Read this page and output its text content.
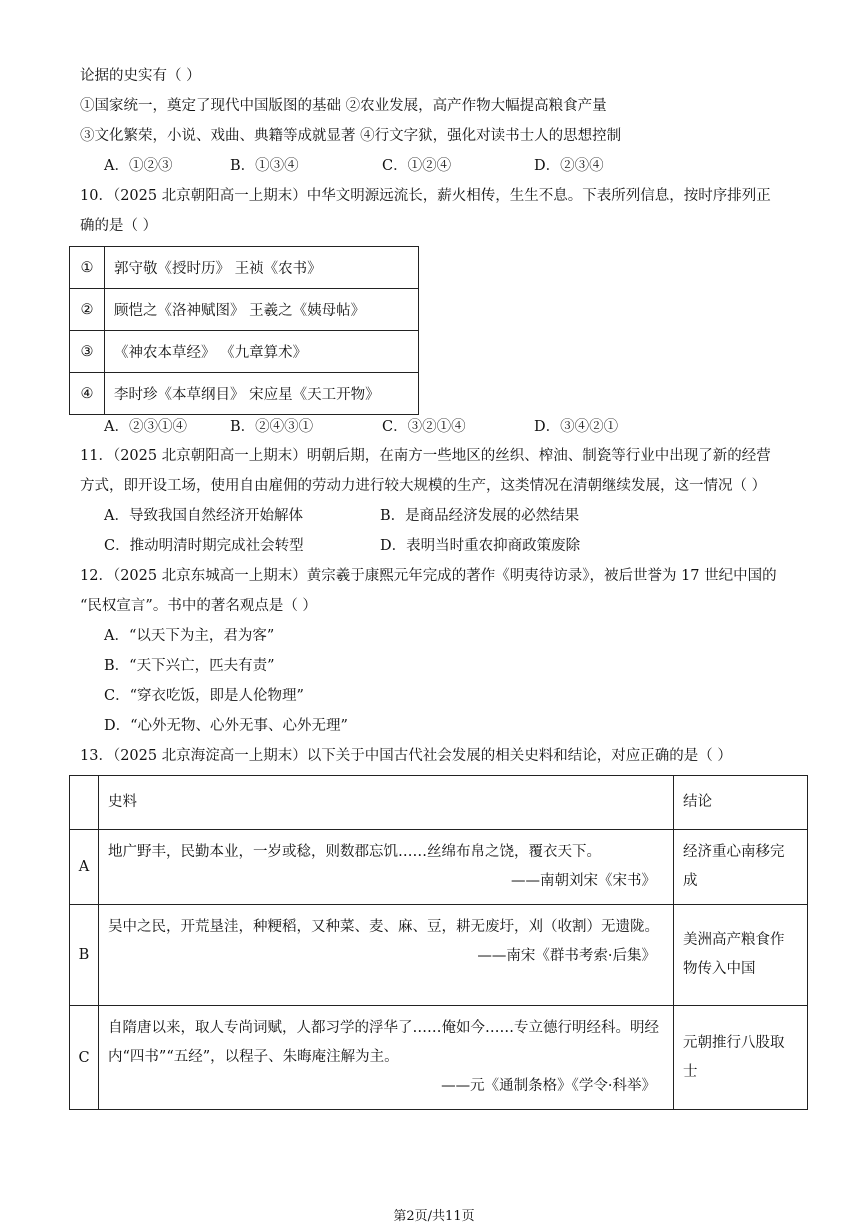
论据的史实有（ ）
①国家统一，奠定了现代中国版图的基础 ②农业发展，高产作物大幅提高粮食产量
③文化繁荣，小说、戏曲、典籍等成就显著 ④行文字狱，强化对读书士人的思想控制
A．①②③	B．①③④	C．①②④	D．②③④
10．（2025 北京朝阳高一上期末）中华文明源远流长，薪火相传，生生不息。下表所列信息，按时序排列正
确的是（ ）
①	郭守敬《授时历》 王祯《农书》
②	顾恺之《洛神赋图》 王羲之《姨母帖》
③	《神农本草经》 《九章算术》
④	李时珍《本草纲目》 宋应星《天工开物》
A．②③①④	B．②④③①	C．③②①④	D．③④②①
11．（2025 北京朝阳高一上期末）明朝后期，在南方一些地区的丝织、榨油、制瓷等行业中出现了新的经营
方式，即开设工场，使用自由雇佣的劳动力进行较大规模的生产，这类情况在清朝继续发展，这一情况（ ）
A．导致我国自然经济开始解体	B．是商品经济发展的必然结果
C．推动明清时期完成社会转型	D．表明当时重农抑商政策废除
12．（2025 北京东城高一上期末）黄宗羲于康熙元年完成的著作《明夷待访录》，被后世誉为 17 世纪中国的
“民权宣言”。书中的著名观点是（ ）
A．“以天下为主，君为客”
B．“天下兴亡，匹夫有责”
C．“穿衣吃饭，即是人伦物理”
D．“心外无物、心外无事、心外无理”
13．（2025 北京海淀高一上期末）以下关于中国古代社会发展的相关史料和结论，对应正确的是（ ）
	史料	结论
A	地广野丰，民勤本业，一岁或稔，则数郡忘饥……丝绵布帛之饶，覆衣天下。
——南朝刘宋《宋书》	经济重心南移完成
B	吴中之民，开荒垦洼，种粳稻，又种菜、麦、麻、豆，耕无废圩，刈（收割）无遗陇。
——南宋《群书考索·后集》	美洲高产粮食作物传入中国
C	自隋唐以来，取人专尚词赋，人都习学的浮华了……俺如今……专立德行明经科。明经内“四书”“五经”，以程子、朱晦庵注解为主。
——元《通制条格》《学令·科举》	元朝推行八股取士
第2页/共11页
